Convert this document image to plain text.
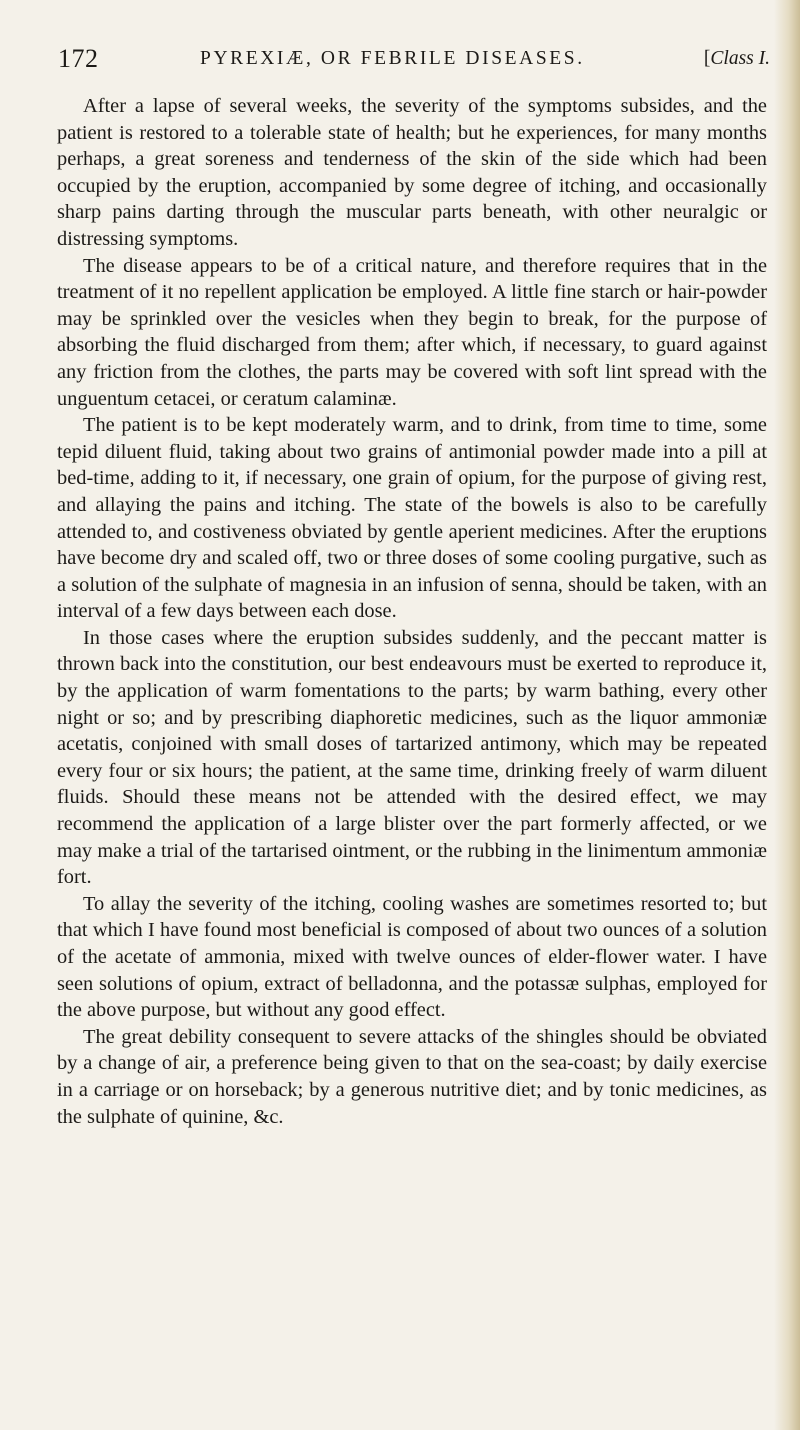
172	PYREXIÆ, OR FEBRILE DISEASES.	[Class I.

After a lapse of several weeks, the severity of the symptoms subsides, and the patient is restored to a tolerable state of health; but he experiences, for many months perhaps, a great soreness and tenderness of the skin of the side which had been occupied by the eruption, accompanied by some degree of itching, and occasionally sharp pains darting through the muscular parts beneath, with other neuralgic or distressing symptoms.

The disease appears to be of a critical nature, and therefore requires that in the treatment of it no repellent application be employed. A little fine starch or hair-powder may be sprinkled over the vesicles when they begin to break, for the purpose of absorbing the fluid discharged from them; after which, if necessary, to guard against any friction from the clothes, the parts may be covered with soft lint spread with the unguentum cetacei, or ceratum calaminæ.

The patient is to be kept moderately warm, and to drink, from time to time, some tepid diluent fluid, taking about two grains of antimonial powder made into a pill at bed-time, adding to it, if necessary, one grain of opium, for the purpose of giving rest, and allaying the pains and itching. The state of the bowels is also to be carefully attended to, and costiveness obviated by gentle aperient medicines. After the eruptions have become dry and scaled off, two or three doses of some cooling purgative, such as a solution of the sulphate of magnesia in an infusion of senna, should be taken, with an interval of a few days between each dose.

In those cases where the eruption subsides suddenly, and the peccant matter is thrown back into the constitution, our best endeavours must be exerted to reproduce it, by the application of warm fomentations to the parts; by warm bathing, every other night or so; and by prescribing diaphoretic medicines, such as the liquor ammoniæ acetatis, conjoined with small doses of tartarized antimony, which may be repeated every four or six hours; the patient, at the same time, drinking freely of warm diluent fluids. Should these means not be attended with the desired effect, we may recommend the application of a large blister over the part formerly affected, or we may make a trial of the tartarised ointment, or the rubbing in the linimentum ammoniæ fort.

To allay the severity of the itching, cooling washes are sometimes resorted to; but that which I have found most beneficial is composed of about two ounces of a solution of the acetate of ammonia, mixed with twelve ounces of elder-flower water. I have seen solutions of opium, extract of belladonna, and the potassæ sulphas, employed for the above purpose, but without any good effect.

The great debility consequent to severe attacks of the shingles should be obviated by a change of air, a preference being given to that on the sea-coast; by daily exercise in a carriage or on horseback; by a generous nutritive diet; and by tonic medicines, as the sulphate of quinine, &c.
